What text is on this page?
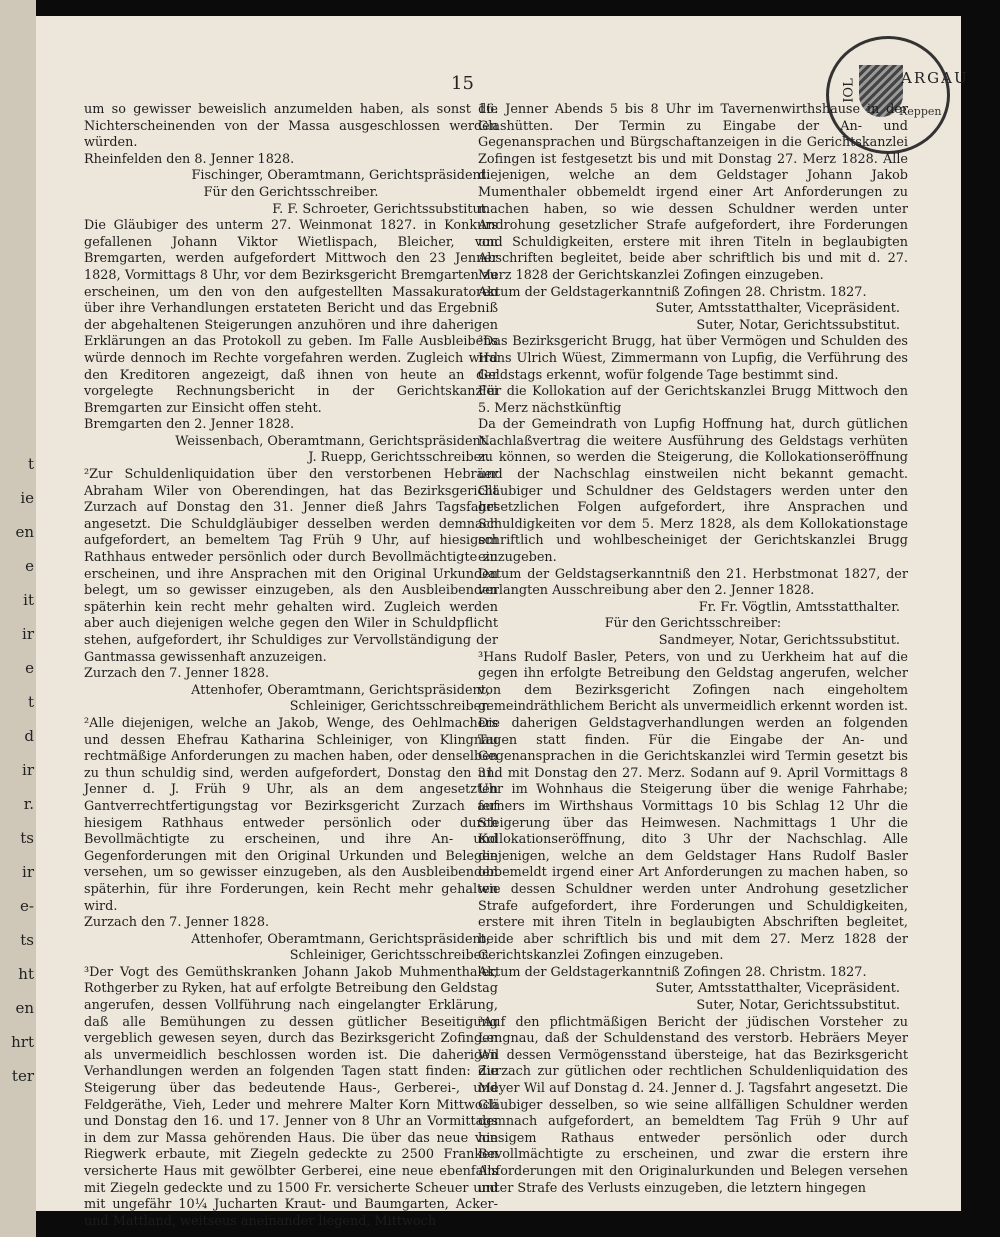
t
ie
en
e
it
ir
e
t
d
ir
r.
ts
ir
e-
ts
ht
en
hrt
ter
15	ARGAU
IOL
Reppen

um so gewisser beweislich anzumelden haben, als sonst die Nichterscheinenden von der Massa ausgeschlossen werden würden.

Rheinfelden den 8. Jenner 1828.

Fischinger, Oberamtmann, Gerichtspräsident.

Für den Gerichtsschreiber.

F. F. Schroeter, Gerichtssubstitut.

Die Gläubiger des unterm 27. Weinmonat 1827. in Konkurs gefallenen Johann Viktor Wietlispach, Bleicher, von Bremgarten, werden aufgefordert Mittwoch den 23 Jenner 1828, Vormittags 8 Uhr, vor dem Bezirksgericht Bremgarten zu erscheinen, um den von den aufgestellten Massakuratoren über ihre Verhandlungen erstateten Bericht und das Ergebniß der abgehaltenen Steigerungen anzuhören und ihre daherigen Erklärungen an das Protokoll zu geben. Im Falle Ausbleibens würde dennoch im Rechte vorgefahren werden. Zugleich wird den Kreditoren angezeigt, daß ihnen von heute an der vorgelegte Rechnungsbericht in der Gerichtskanzlei Bremgarten zur Einsicht offen steht.

Bremgarten den 2. Jenner 1828.

Weissenbach, Oberamtmann, Gerichtspräsident.

J. Ruepp, Gerichtsschreiber.

²Zur Schuldenliquidation über den verstorbenen Hebräer Abraham Wiler von Oberendingen, hat das Bezirksgericht Zurzach auf Donstag den 31. Jenner dieß Jahrs Tagsfahrt angesetzt. Die Schuldgläubiger desselben werden demnach aufgefordert, an bemeltem Tag Früh 9 Uhr, auf hiesigem Rathhaus entweder persönlich oder durch Bevollmächtigte zu erscheinen, und ihre Ansprachen mit den Original Urkunden belegt, um so gewisser einzugeben, als den Ausbleibenden späterhin kein recht mehr gehalten wird. Zugleich werden aber auch diejenigen welche gegen den Wiler in Schuldpflicht stehen, aufgefordert, ihr Schuldiges zur Vervollständigung der Gantmassa gewissenhaft anzuzeigen.

Zurzach den 7. Jenner 1828.

Attenhofer, Oberamtmann, Gerichtspräsident,

Schleiniger, Gerichtsschreiber.

²Alle diejenigen, welche an Jakob, Wenge, des Oehlmachers und dessen Ehefrau Katharina Schleiniger, von Klingnau rechtmäßige Anforderungen zu machen haben, oder denselben zu thun schuldig sind, werden aufgefordert, Donstag den 31. Jenner d. J. Früh 9 Uhr, als an dem angesetzten Gantverrechtfertigungstag vor Bezirksgericht Zurzach auf hiesigem Rathhaus entweder persönlich oder durch Bevollmächtigte zu erscheinen, und ihre An- und Gegenforderungen mit den Original Urkunden und Belegen versehen, um so gewisser einzugeben, als den Ausbleibenden späterhin, für ihre Forderungen, kein Recht mehr gehalten wird.

Zurzach den 7. Jenner 1828.

Attenhofer, Oberamtmann, Gerichtspräsident,

Schleiniger, Gerichtsschreiber.

³Der Vogt des Gemüthskranken Johann Jakob Muhmenthaler, Rothgerber zu Ryken, hat auf erfolgte Betreibung den Geldstag angerufen, dessen Vollführung nach eingelangter Erklärung, daß alle Bemühungen zu dessen gütlicher Beseitigung vergeblich gewesen seyen, durch das Bezirksgericht Zofingen als unvermeidlich beschlossen worden ist. Die daherigen Verhandlungen werden an folgenden Tagen statt finden: die Steigerung über das bedeutende Haus-, Gerberei-, und Feldgeräthe, Vieh, Leder und mehrere Malter Korn Mittwoch und Donstag den 16. und 17. Jenner von 8 Uhr an Vormittags in dem zur Massa gehörenden Haus. Die über das neue von Riegwerk erbaute, mit Ziegeln gedeckte zu 2500 Franken versicherte Haus mit gewölbter Gerberei, eine neue ebenfalls mit Ziegeln gedeckte und zu 1500 Fr. versicherte Scheuer und mit ungefähr 10¼ Jucharten Kraut- und Baumgarten, Acker- und Mattland, weitseus aneinander liegend, Mittwoch

16. Jenner Abends 5 bis 8 Uhr im Tavernenwirthshause in der Glashütten. Der Termin zu Eingabe der An- und Gegenansprachen und Bürgschaftanzeigen in die Gerichtskanzlei Zofingen ist festgesetzt bis und mit Donstag 27. Merz 1828. Alle diejenigen, welche an dem Geldstager Johann Jakob Mumenthaler obbemeldt irgend einer Art Anforderungen zu machen haben, so wie dessen Schuldner werden unter Androhung gesetzlicher Strafe aufgefordert, ihre Forderungen und Schuldigkeiten, erstere mit ihren Titeln in beglaubigten Abschriften begleitet, beide aber schriftlich bis und mit d. 27. Merz 1828 der Gerichtskanzlei Zofingen einzugeben.

Aktum der Geldstagerkanntniß Zofingen 28. Christm. 1827.

Suter, Amtsstatthalter, Vicepräsident.

Suter, Notar, Gerichtssubstitut.

³Das Bezirksgericht Brugg, hat über Vermögen und Schulden des Hans Ulrich Wüest, Zimmermann von Lupfig, die Verführung des Geldstags erkennt, wofür folgende Tage bestimmt sind.

Für die Kollokation auf der Gerichtskanzlei Brugg Mittwoch den 5. Merz nächstkünftig

Da der Gemeindrath von Lupfig Hoffnung hat, durch gütlichen Nachlaßvertrag die weitere Ausführung des Geldstags verhüten zu können, so werden die Steigerung, die Kollokationseröffnung und der Nachschlag einstweilen nicht bekannt gemacht. Gläubiger und Schuldner des Geldstagers werden unter den gesetzlichen Folgen aufgefordert, ihre Ansprachen und Schuldigkeiten vor dem 5. Merz 1828, als dem Kollokationstage schriftlich und wohlbescheiniget der Gerichtskanzlei Brugg einzugeben.

Datum der Geldstagserkanntniß den 21. Herbstmonat 1827, der verlangten Ausschreibung aber den 2. Jenner 1828.

Fr. Fr. Vögtlin, Amtsstatthalter.

Für den Gerichtsschreiber:

Sandmeyer, Notar, Gerichtssubstitut.

³Hans Rudolf Basler, Peters, von und zu Uerkheim hat auf die gegen ihn erfolgte Betreibung den Geldstag angerufen, welcher von dem Bezirksgericht Zofingen nach eingeholtem gemeindräthlichem Bericht als unvermeidlich erkennt worden ist. Die daherigen Geldstagverhandlungen werden an folgenden Tagen statt finden. Für die Eingabe der An- und Gegenansprachen in die Gerichtskanzlei wird Termin gesetzt bis und mit Donstag den 27. Merz. Sodann auf 9. April Vormittags 8 Uhr im Wohnhaus die Steigerung über die wenige Fahrhabe; ferners im Wirthshaus Vormittags 10 bis Schlag 12 Uhr die Steigerung über das Heimwesen. Nachmittags 1 Uhr die Kollokationseröffnung, dito 3 Uhr der Nachschlag. Alle diejenigen, welche an dem Geldstager Hans Rudolf Basler obbemeldt irgend einer Art Anforderungen zu machen haben, so wie dessen Schuldner werden unter Androhung gesetzlicher Strafe aufgefordert, ihre Forderungen und Schuldigkeiten, erstere mit ihren Titeln in beglaubigten Abschriften begleitet, beide aber schriftlich bis und mit dem 27. Merz 1828 der Gerichtskanzlei Zofingen einzugeben.

Aktum der Geldstagerkanntniß Zofingen 28. Christm. 1827.

Suter, Amtsstatthalter, Vicepräsident.

Suter, Notar, Gerichtssubstitut.

³Auf den pflichtmäßigen Bericht der jüdischen Vorsteher zu Lengnau, daß der Schuldenstand des verstorb. Hebräers Meyer Wil dessen Vermögensstand übersteige, hat das Bezirksgericht Zurzach zur gütlichen oder rechtlichen Schuldenliquidation des Meyer Wil auf Donstag d. 24. Jenner d. J. Tagsfahrt angesetzt. Die Gläubiger desselben, so wie seine allfälligen Schuldner werden demnach aufgefordert, an bemeldtem Tag Früh 9 Uhr auf hiesigem Rathaus entweder persönlich oder durch Bevollmächtigte zu erscheinen, und zwar die erstern ihre Anforderungen mit den Originalurkunden und Belegen versehen unter Strafe des Verlusts einzugeben, die letztern hingegen
